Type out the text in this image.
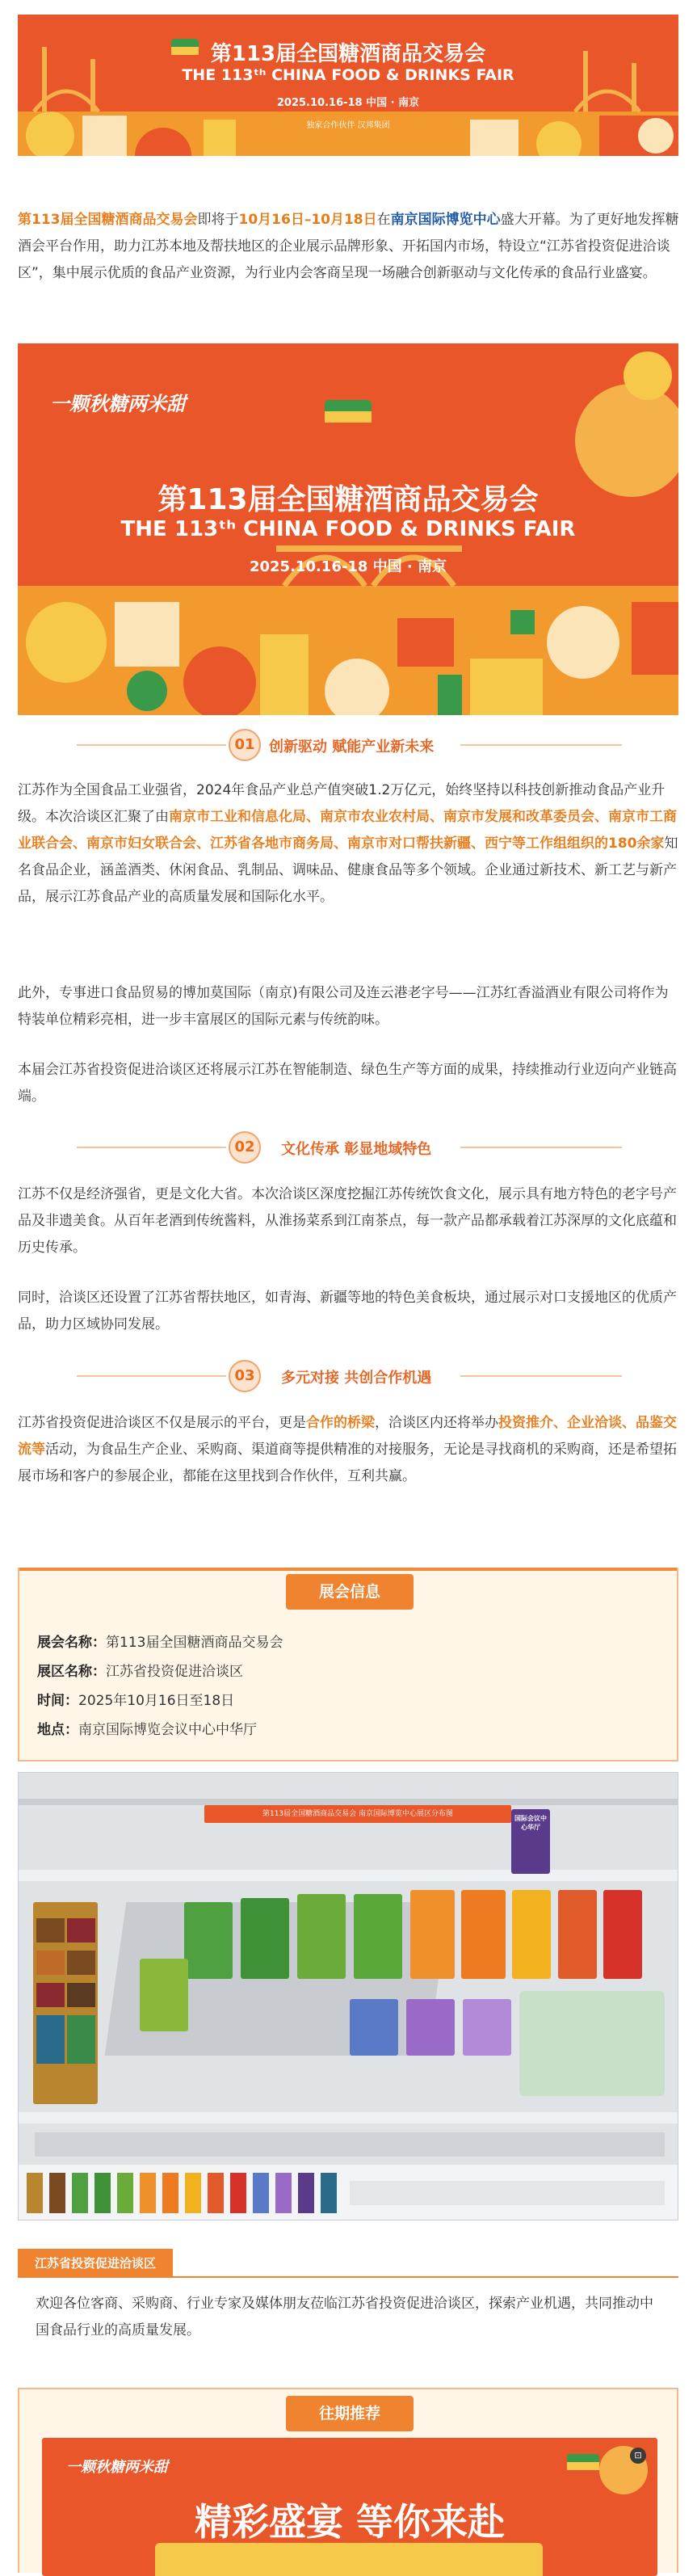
第113届全国糖酒商品交易会
THE 113ᵗʰ CHINA FOOD & DRINKS FAIR
2025.10.16-18 中国 · 南京
独家合作伙伴 汉邦集团
第113届全国糖酒商品交易会即将于10月16日–10月18日在南京国际博览中心盛大开幕。为了更好地发挥糖酒会平台作用，助力江苏本地及帮扶地区的企业展示品牌形象、开拓国内市场，特设立“江苏省投资促进洽谈区”，集中展示优质的食品产业资源，为行业内会客商呈现一场融合创新驱动与文化传承的食品行业盛宴。
一颗秋糖两米甜
第113届全国糖酒商品交易会
THE 113ᵗʰ CHINA FOOD & DRINKS FAIR
2025.10.16-18 中国 · 南京
01 创新驱动 赋能产业新未来
江苏作为全国食品工业强省，2024年食品产业总产值突破1.2万亿元，始终坚持以科技创新推动食品产业升级。本次洽谈区汇聚了由南京市工业和信息化局、南京市农业农村局、南京市发展和改革委员会、南京市工商业联合会、南京市妇女联合会、江苏省各地市商务局、南京市对口帮扶新疆、西宁等工作组组织的180余家知名食品企业，涵盖酒类、休闲食品、乳制品、调味品、健康食品等多个领域。企业通过新技术、新工艺与新产品，展示江苏食品产业的高质量发展和国际化水平。
此外，专事进口食品贸易的博加莫国际（南京)有限公司及连云港老字号——江苏红香溢酒业有限公司将作为特装单位精彩亮相，进一步丰富展区的国际元素与传统韵味。
本届会江苏省投资促进洽谈区还将展示江苏在智能制造、绿色生产等方面的成果，持续推动行业迈向产业链高端。
02	文化传承 彰显地域特色
江苏不仅是经济强省，更是文化大省。本次洽谈区深度挖掘江苏传统饮食文化，展示具有地方特色的老字号产品及非遗美食。从百年老酒到传统酱料，从淮扬菜系到江南茶点，每一款产品都承载着江苏深厚的文化底蕴和历史传承。
同时，洽谈区还设置了江苏省帮扶地区，如青海、新疆等地的特色美食板块，通过展示对口支援地区的优质产品，助力区域协同发展。
03	多元对接 共创合作机遇
江苏省投资促进洽谈区不仅是展示的平台，更是合作的桥梁，洽谈区内还将举办投资推介、企业洽谈、品鉴交流等活动，为食品生产企业、采购商、渠道商等提供精准的对接服务，无论是寻找商机的采购商，还是希望拓展市场和客户的参展企业，都能在这里找到合作伙伴，互利共赢。
展会信息
展会名称：第113届全国糖酒商品交易会
展区名称：江苏省投资促进洽谈区
时间：2025年10月16日至18日
地点：南京国际博览会议中心中华厅
第113届全国糖酒商品交易会 南京国际博览中心展区分布图
国际会议中心华厅
江苏省投资促进洽谈区
欢迎各位客商、采购商、行业专家及媒体朋友莅临江苏省投资促进洽谈区，探索产业机遇，共同推动中国食品行业的高质量发展。
往期推荐
一颗秋糖两米甜
精彩盛宴 等你来赴
⊡
